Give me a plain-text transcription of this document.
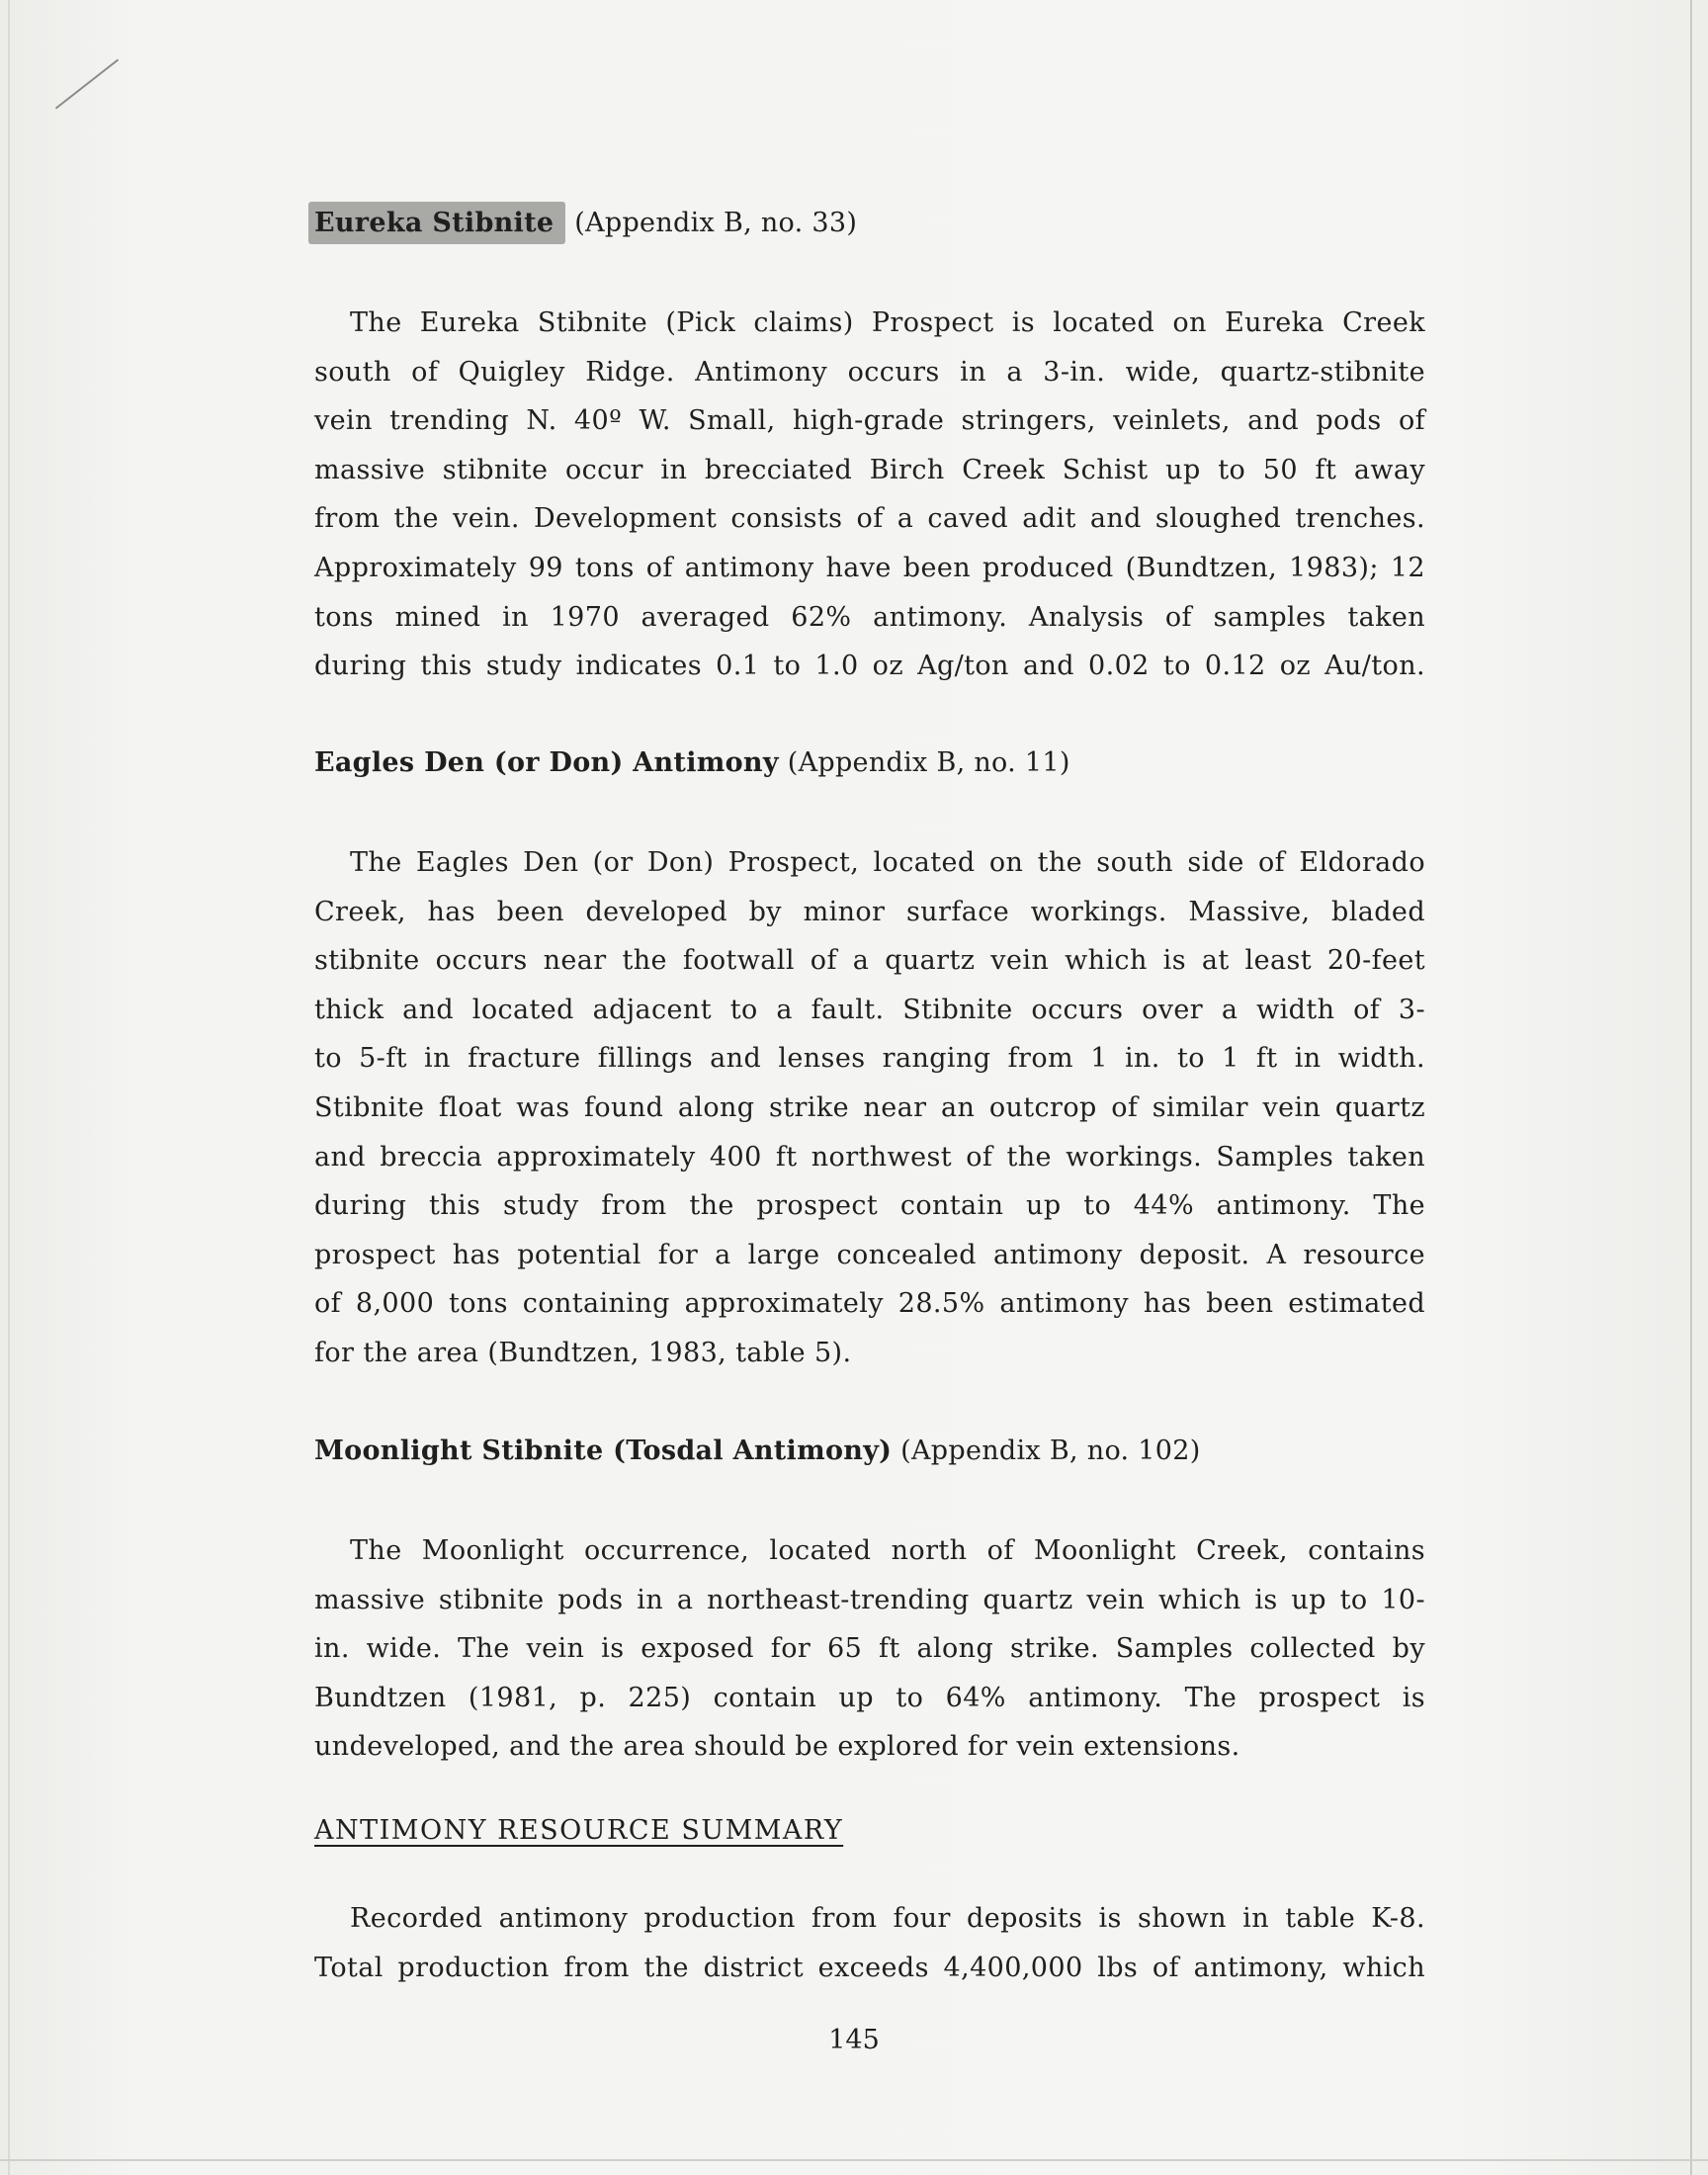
Eureka Stibnite (Appendix B, no. 33)
The Eureka Stibnite (Pick claims) Prospect is located on Eureka Creek
south of Quigley Ridge. Antimony occurs in a 3-in. wide, quartz-stibnite
vein trending N. 40º W. Small, high-grade stringers, veinlets, and pods of
massive stibnite occur in brecciated Birch Creek Schist up to 50 ft away
from the vein. Development consists of a caved adit and sloughed trenches.
Approximately 99 tons of antimony have been produced (Bundtzen, 1983); 12
tons mined in 1970 averaged 62% antimony. Analysis of samples taken
during this study indicates 0.1 to 1.0 oz Ag/ton and 0.02 to 0.12 oz Au/ton.
Eagles Den (or Don) Antimony (Appendix B, no. 11)
The Eagles Den (or Don) Prospect, located on the south side of Eldorado
Creek, has been developed by minor surface workings. Massive, bladed
stibnite occurs near the footwall of a quartz vein which is at least 20-feet
thick and located adjacent to a fault. Stibnite occurs over a width of 3-
to 5-ft in fracture fillings and lenses ranging from 1 in. to 1 ft in width.
Stibnite float was found along strike near an outcrop of similar vein quartz
and breccia approximately 400 ft northwest of the workings. Samples taken
during this study from the prospect contain up to 44% antimony. The
prospect has potential for a large concealed antimony deposit. A resource
of 8,000 tons containing approximately 28.5% antimony has been estimated
for the area (Bundtzen, 1983, table 5).
Moonlight Stibnite (Tosdal Antimony) (Appendix B, no. 102)
The Moonlight occurrence, located north of Moonlight Creek, contains
massive stibnite pods in a northeast-trending quartz vein which is up to 10-
in. wide. The vein is exposed for 65 ft along strike. Samples collected by
Bundtzen (1981, p. 225) contain up to 64% antimony. The prospect is
undeveloped, and the area should be explored for vein extensions.
ANTIMONY RESOURCE SUMMARY
Recorded antimony production from four deposits is shown in table K-8.
Total production from the district exceeds 4,400,000 lbs of antimony, which
145
